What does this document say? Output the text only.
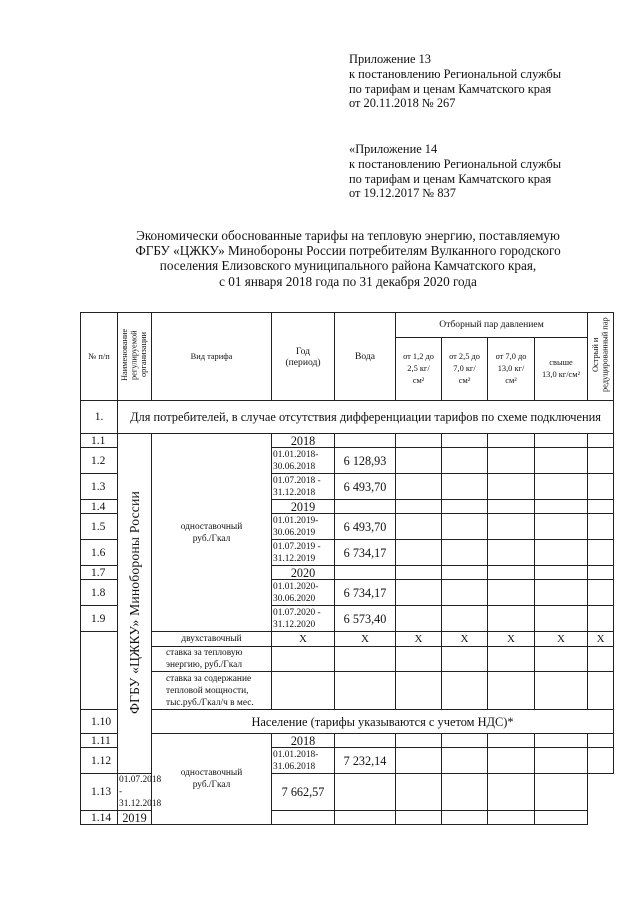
Приложение 13
к постановлению Региональной службы
по тарифам и ценам Камчатского края
от 20.11.2018 № 267
«Приложение 14
к постановлению Региональной службы
по тарифам и ценам Камчатского края
от 19.12.2017 № 837
Экономически обоснованные тарифы на тепловую энергию, поставляемую
ФГБУ «ЦЖКУ» Минобороны России потребителям Вулканного городского
поселения Елизовского муниципального района Камчатского края,
с 01 января 2018 года по 31 декабря 2020 года
№ п/п	Наименование регулируемой организации	Вид тарифа	Год (период)	Вода	Отборный пар давлением				Острый и редуцированный пар
					от 1,2 до 2,5 кг/см²	от 2,5 до 7,0 кг/см²	от 7,0 до 13,0 кг/см²	свыше 13,0 кг/см²	
1.	Для потребителей, в случае отсутствия дифференциации тарифов по схеме подключения								
1.1	ФГБУ «ЦЖКУ» Минобороны России	одноставочный руб./Гкал	2018						
1.2			01.01.2018-30.06.2018	6 128,93					
1.3			01.07.2018 - 31.12.2018	6 493,70					
1.4			2019						
1.5			01.01.2019-30.06.2019	6 493,70					
1.6			01.07.2019 - 31.12.2019	6 734,17					
1.7			2020						
1.8			01.01.2020-30.06.2020	6 734,17					
1.9			01.07.2020 - 31.12.2020	6 573,40					
		двухставочный	X	X	X	X	X	X	X
		ставка за тепловую энергию, руб./Гкал							
		ставка за содержание тепловой мощности, тыс.руб./Гкал/ч в мес.							
1.10		Население (тарифы указываются с учетом НДС)*							
1.11		одноставочный руб./Гкал	2018						
1.12			01.01.2018-31.06.2018	7 232,14					
1.13	01.07.2018 - 31.12.2018		7 662,57						
1.14	2019								
